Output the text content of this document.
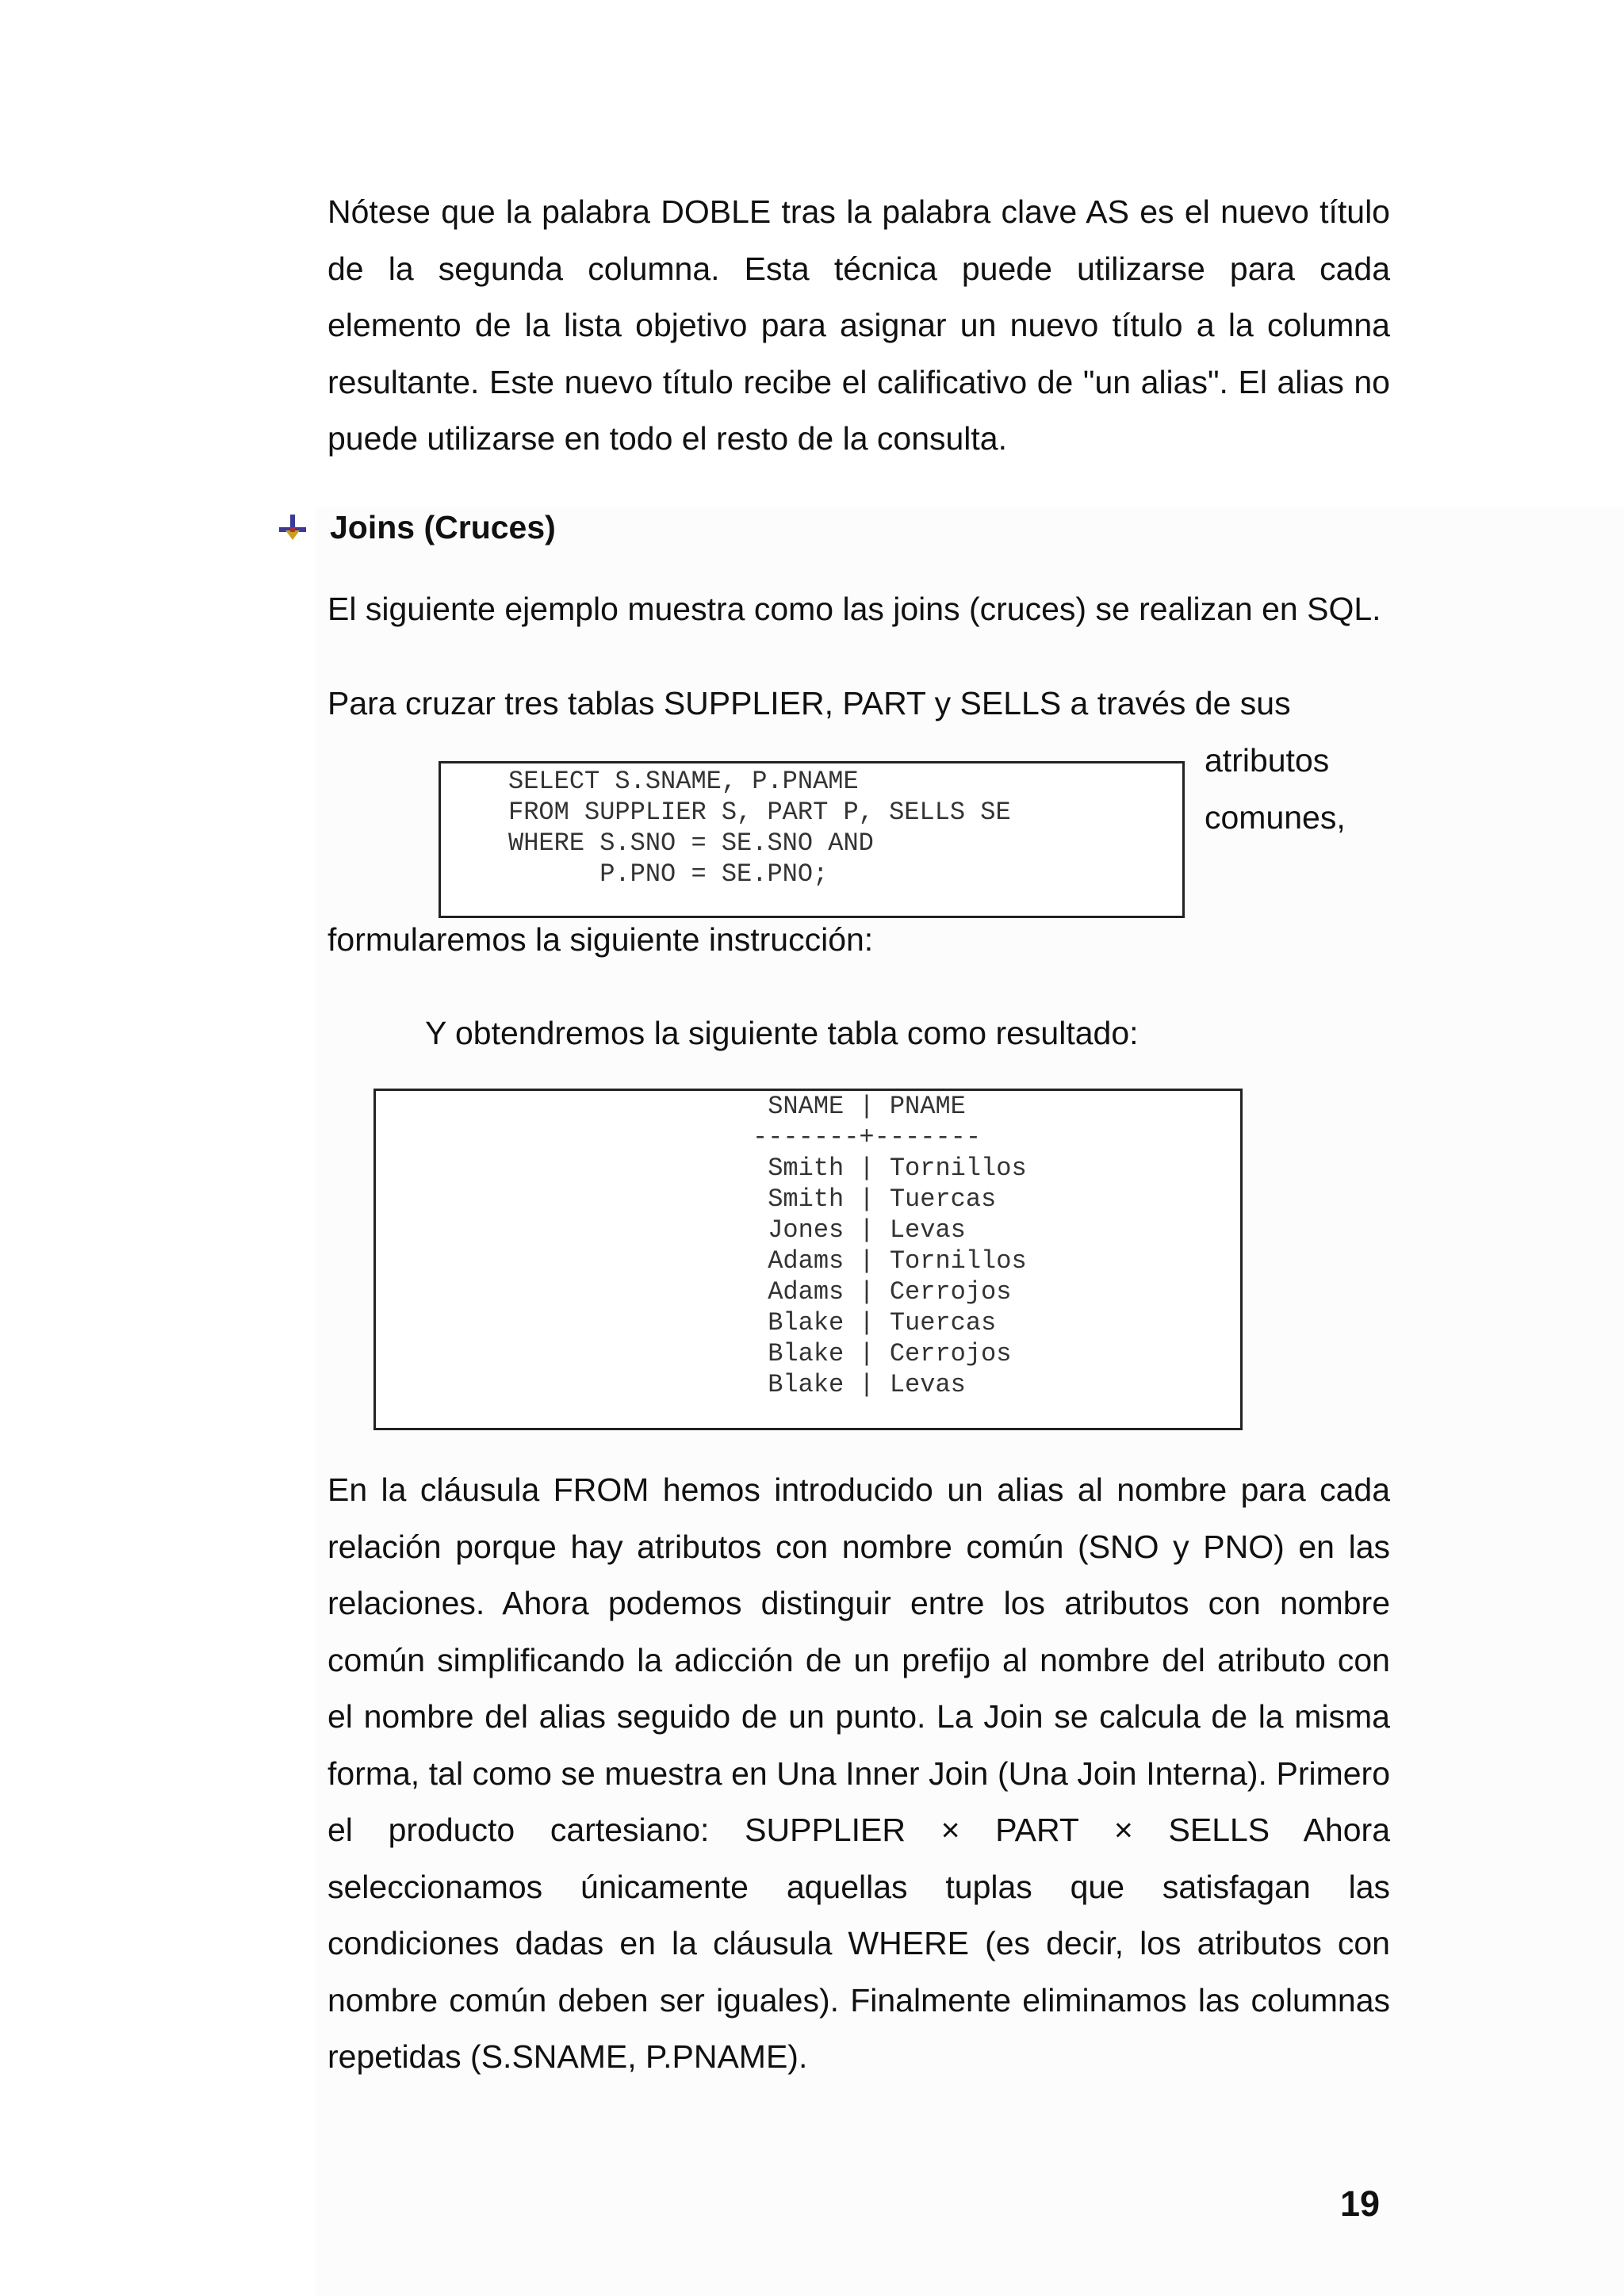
Nótese que la palabra DOBLE tras la palabra clave AS es el nuevo título de la segunda columna. Esta técnica puede utilizarse para cada elemento de la lista objetivo para asignar un nuevo título a la columna resultante. Este nuevo título recibe el calificativo de "un alias". El alias no puede utilizarse en todo el resto de la consulta.

Joins (Cruces)

El siguiente ejemplo muestra como las joins (cruces) se realizan en SQL.

Para cruzar tres tablas SUPPLIER, PART y SELLS a través de sus

atributos

comunes,

SELECT S.SNAME, P.PNAME
FROM SUPPLIER S, PART P, SELLS SE
WHERE S.SNO = SE.SNO AND
P.PNO = SE.PNO;

formularemos la siguiente instrucción:

Y obtendremos la siguiente tabla como resultado:

SNAME | PNAME
-------+-------
Smith | Tornillos
Smith | Tuercas
Jones | Levas
Adams | Tornillos
Adams | Cerrojos
Blake | Tuercas
Blake | Cerrojos
Blake | Levas

En la cláusula FROM hemos introducido un alias al nombre para cada relación porque hay atributos con nombre común (SNO y PNO) en las relaciones. Ahora podemos distinguir entre los atributos con nombre común simplificando la adicción de un prefijo al nombre del atributo con el nombre del alias seguido de un punto. La Join se calcula de la misma forma, tal como se muestra en Una Inner Join (Una Join Interna). Primero el producto cartesiano: SUPPLIER × PART × SELLS Ahora seleccionamos únicamente aquellas tuplas que satisfagan las condiciones dadas en la cláusula WHERE (es decir, los atributos con nombre común deben ser iguales). Finalmente eliminamos las columnas repetidas (S.SNAME, P.PNAME).

19
